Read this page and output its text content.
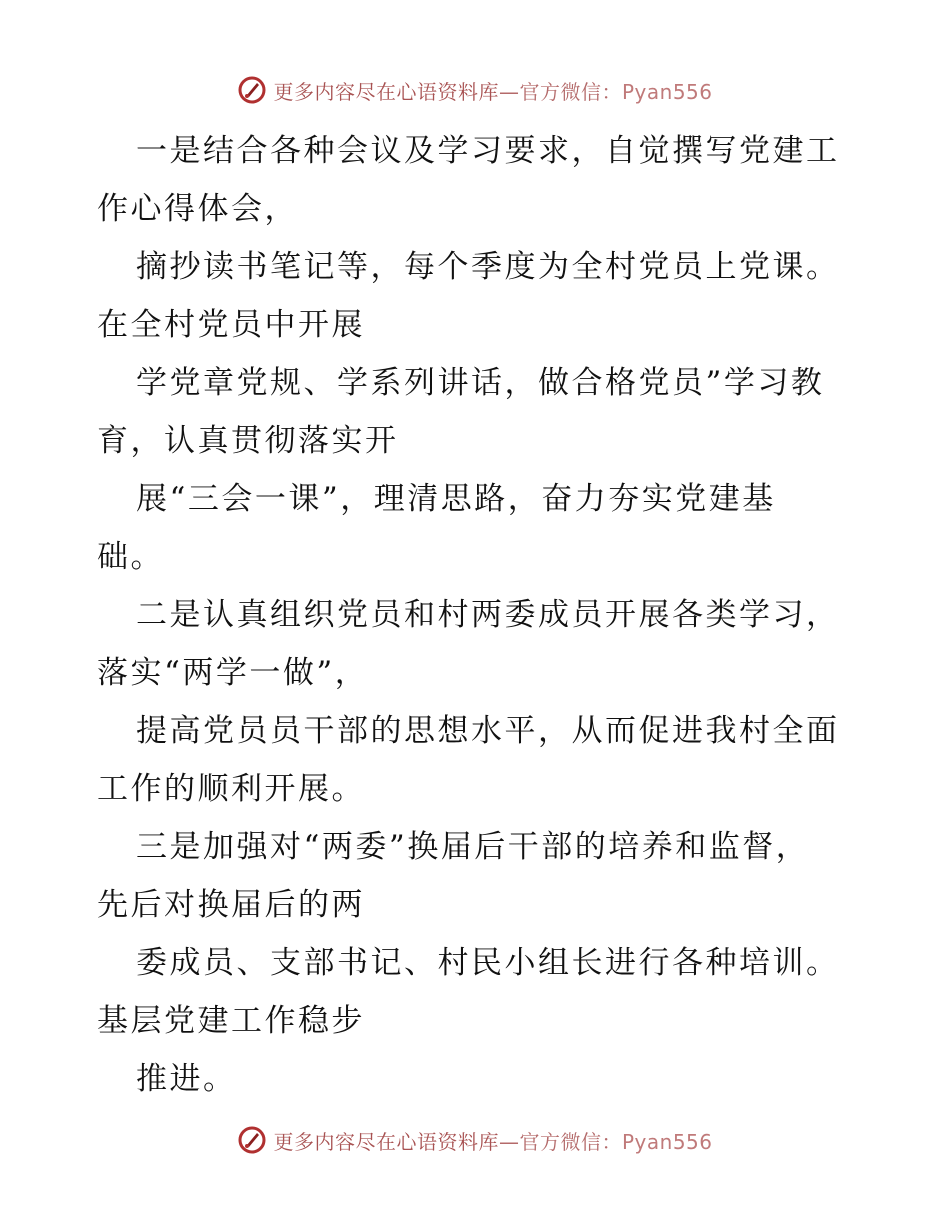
更多内容尽在心语资料库—官方微信：Pyan556

一是结合各种会议及学习要求，自觉撰写党建工
作心得体会，

摘抄读书笔记等，每个季度为全村党员上党课。
在全村党员中开展

学党章党规、学系列讲话，做合格党员”学习教
育，认真贯彻落实开

展“三会一课”，理清思路，奋力夯实党建基
础。

二是认真组织党员和村两委成员开展各类学习，
落实“两学一做”，

提高党员员干部的思想水平，从而促进我村全面
工作的顺利开展。

三是加强对“两委”换届后干部的培养和监督，
先后对换届后的两

委成员、支部书记、村民小组长进行各种培训。
基层党建工作稳步

推进。

更多内容尽在心语资料库—官方微信：Pyan556
